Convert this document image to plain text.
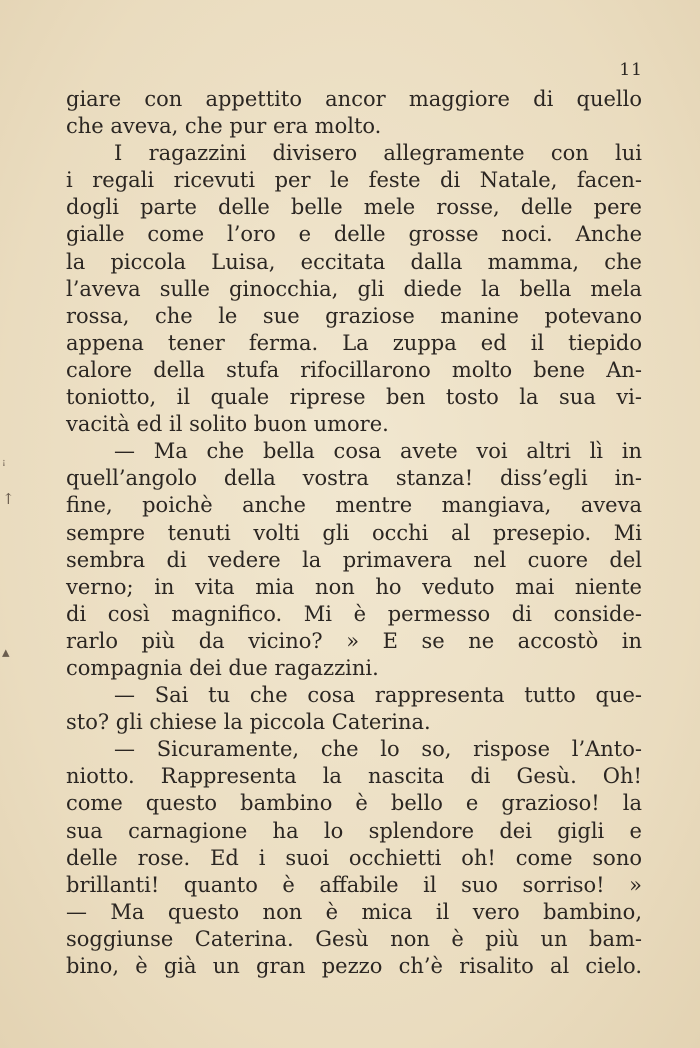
11
ꜟ
↑
▴
giare con appettito ancor maggiore di quello
che aveva, che pur era molto.
I ragazzini divisero allegramente con lui
i regali ricevuti per le feste di Natale, facen-
dogli parte delle belle mele rosse, delle pere
gialle come l’oro e delle grosse noci. Anche
la piccola Luisa, eccitata dalla mamma, che
l’aveva sulle ginocchia, gli diede la bella mela
rossa, che le sue graziose manine potevano
appena tener ferma. La zuppa ed il tiepido
calore della stufa rifocillarono molto bene An-
toniotto, il quale riprese ben tosto la sua vi-
vacità ed il solito buon umore.
— Ma che bella cosa avete voi altri lì in
quell’angolo della vostra stanza! diss’egli in-
fine, poichè anche mentre mangiava, aveva
sempre tenuti volti gli occhi al presepio. Mi
sembra di vedere la primavera nel cuore del
verno; in vita mia non ho veduto mai niente
di così magnifico. Mi è permesso di conside-
rarlo più da vicino? » E se ne accostò in
compagnia dei due ragazzini.
— Sai tu che cosa rappresenta tutto que-
sto? gli chiese la piccola Caterina.
— Sicuramente, che lo so, rispose l’Anto-
niotto. Rappresenta la nascita di Gesù. Oh!
come questo bambino è bello e grazioso! la
sua carnagione ha lo splendore dei gigli e
delle rose. Ed i suoi occhietti oh! come sono
brillanti! quanto è affabile il suo sorriso! »
— Ma questo non è mica il vero bambino,
soggiunse Caterina. Gesù non è più un bam-
bino, è già un gran pezzo ch’è risalito al cielo.
